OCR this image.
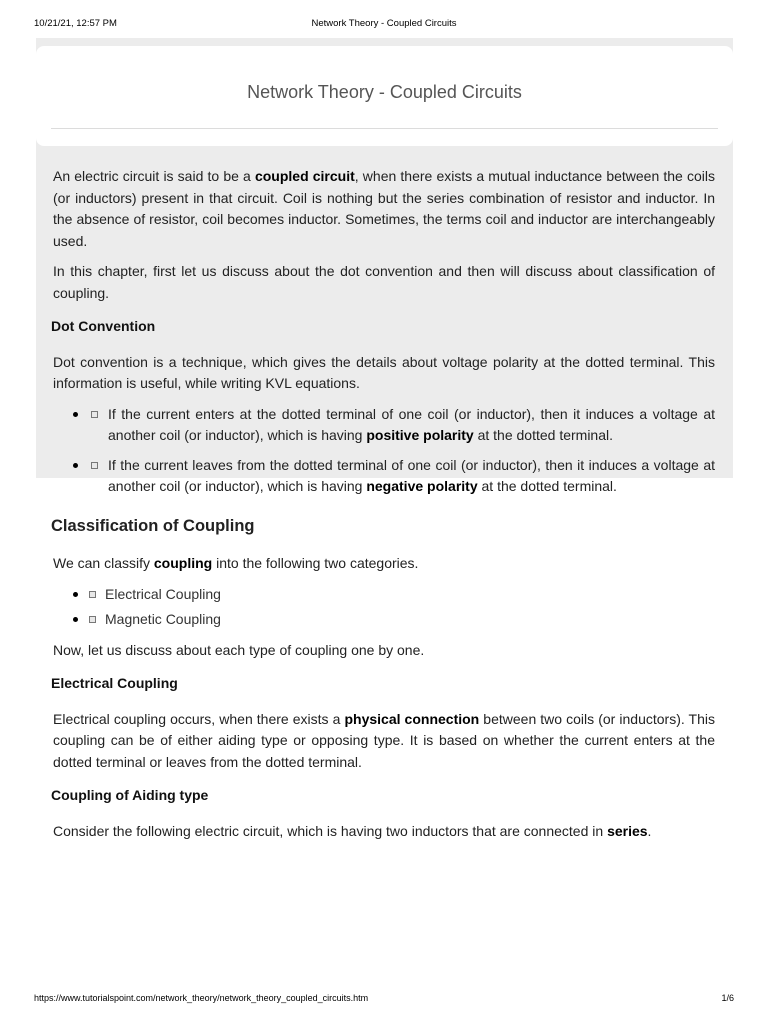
10/21/21, 12:57 PM	Network Theory - Coupled Circuits
Network Theory - Coupled Circuits

An electric circuit is said to be a coupled circuit, when there exists a mutual inductance between the coils (or inductors) present in that circuit. Coil is nothing but the series combination of resistor and inductor. In the absence of resistor, coil becomes inductor. Sometimes, the terms coil and inductor are interchangeably used.

In this chapter, first let us discuss about the dot convention and then will discuss about classification of coupling.

Dot Convention

Dot convention is a technique, which gives the details about voltage polarity at the dotted terminal. This information is useful, while writing KVL equations.

If the current enters at the dotted terminal of one coil (or inductor), then it induces a voltage at another coil (or inductor), which is having positive polarity at the dotted terminal.
If the current leaves from the dotted terminal of one coil (or inductor), then it induces a voltage at another coil (or inductor), which is having negative polarity at the dotted terminal.
Classification of Coupling

We can classify coupling into the following two categories.

Electrical Coupling
Magnetic Coupling

Now, let us discuss about each type of coupling one by one.

Electrical Coupling

Electrical coupling occurs, when there exists a physical connection between two coils (or inductors). This coupling can be of either aiding type or opposing type. It is based on whether the current enters at the dotted terminal or leaves from the dotted terminal.

Coupling of Aiding type

Consider the following electric circuit, which is having two inductors that are connected in series.

https://www.tutorialspoint.com/network_theory/network_theory_coupled_circuits.htm	1/6
